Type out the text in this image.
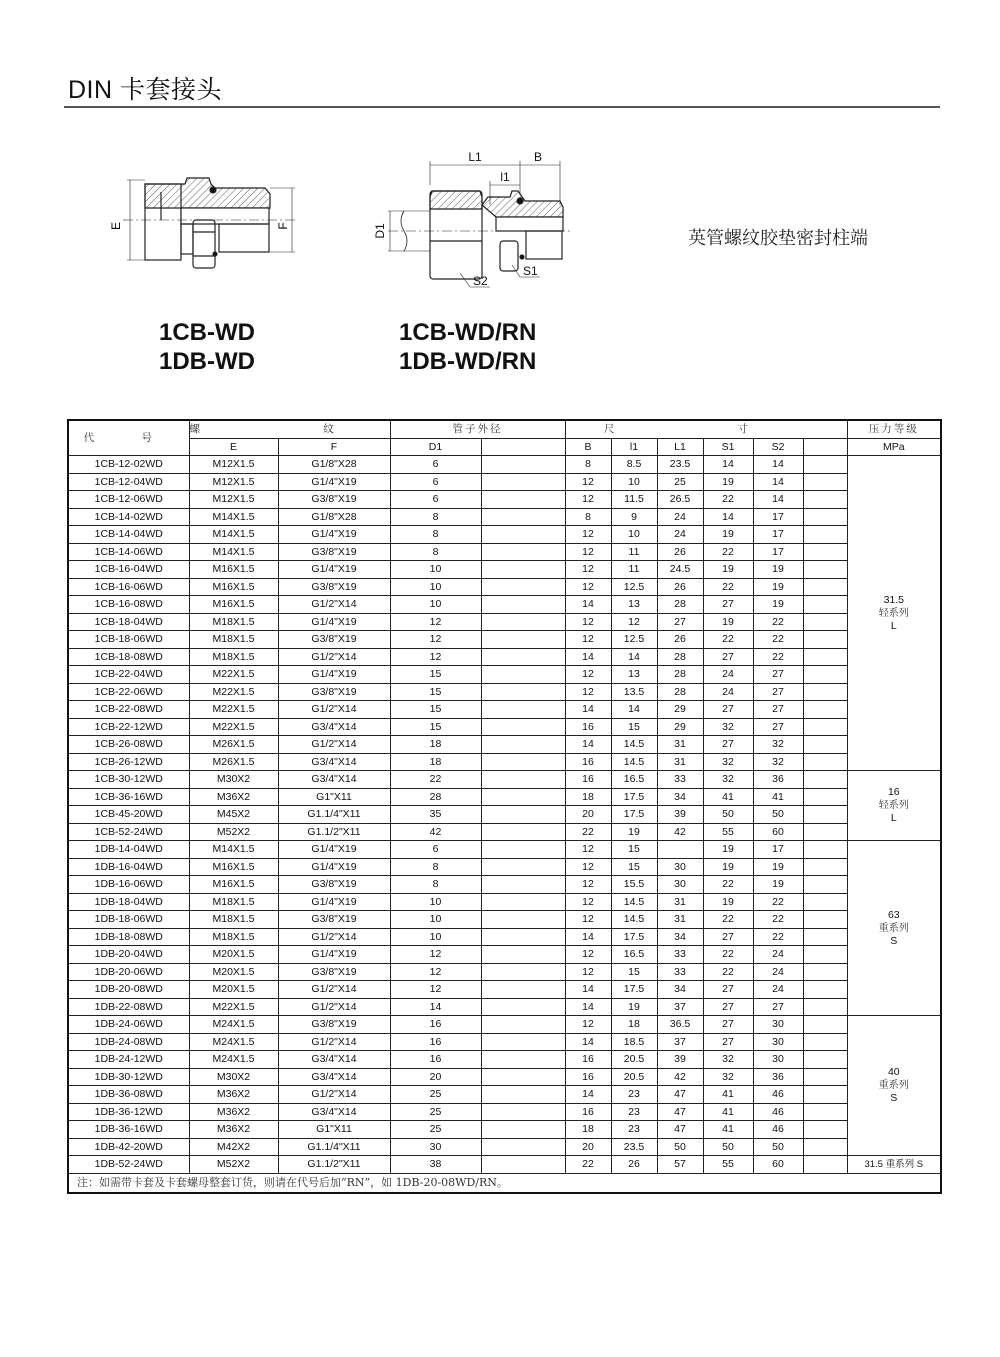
DIN 卡套接头
E	F
L1	B
l1
D1
S2
S1
英管螺纹胶垫密封柱端
1CB-WD
1DB-WD
1CB-WD/RN
1DB-WD/RN
代 号	螺 纹		管子外径		尺 寸						压力等级
	E	F	D1		B	l1	L1	S1	S2		MPa
1CB-12-02WD	M12X1.5	G1/8"X28	6		8	8.5	23.5	14	14		31.5
轻系列
L

1CB-12-04WD	M12X1.5	G1/4"X19	6		12	10	25	19	14		
1CB-12-06WD	M12X1.5	G3/8"X19	6		12	11.5	26.5	22	14		
1CB-14-02WD	M14X1.5	G1/8"X28	8		8	9	24	14	17		
1CB-14-04WD	M14X1.5	G1/4"X19	8		12	10	24	19	17		
1CB-14-06WD	M14X1.5	G3/8"X19	8		12	11	26	22	17		
1CB-16-04WD	M16X1.5	G1/4"X19	10		12	11	24.5	19	19		
1CB-16-06WD	M16X1.5	G3/8"X19	10		12	12.5	26	22	19		
1CB-16-08WD	M16X1.5	G1/2"X14	10		14	13	28	27	19		
1CB-18-04WD	M18X1.5	G1/4"X19	12		12	12	27	19	22		
1CB-18-06WD	M18X1.5	G3/8"X19	12		12	12.5	26	22	22		
1CB-18-08WD	M18X1.5	G1/2"X14	12		14	14	28	27	22		
1CB-22-04WD	M22X1.5	G1/4"X19	15		12	13	28	24	27		
1CB-22-06WD	M22X1.5	G3/8"X19	15		12	13.5	28	24	27		
1CB-22-08WD	M22X1.5	G1/2"X14	15		14	14	29	27	27		
1CB-22-12WD	M22X1.5	G3/4"X14	15		16	15	29	32	27		
1CB-26-08WD	M26X1.5	G1/2"X14	18		14	14.5	31	27	32		
1CB-26-12WD	M26X1.5	G3/4"X14	18		16	14.5	31	32	32		
1CB-30-12WD	M30X2	G3/4"X14	22		16	16.5	33	32	36		16
轻系列
L

1CB-36-16WD	M36X2	G1"X11	28		18	17.5	34	41	41		
1CB-45-20WD	M45X2	G1.1/4"X11	35		20	17.5	39	50	50		
1CB-52-24WD	M52X2	G1.1/2"X11	42		22	19	42	55	60		
1DB-14-04WD	M14X1.5	G1/4"X19	6		12	15		19	17		63
重系列
S

1DB-16-04WD	M16X1.5	G1/4"X19	8		12	15	30	19	19		
1DB-16-06WD	M16X1.5	G3/8"X19	8		12	15.5	30	22	19		
1DB-18-04WD	M18X1.5	G1/4"X19	10		12	14.5	31	19	22		
1DB-18-06WD	M18X1.5	G3/8"X19	10		12	14.5	31	22	22		
1DB-18-08WD	M18X1.5	G1/2"X14	10		14	17.5	34	27	22		
1DB-20-04WD	M20X1.5	G1/4"X19	12		12	16.5	33	22	24		
1DB-20-06WD	M20X1.5	G3/8"X19	12		12	15	33	22	24		
1DB-20-08WD	M20X1.5	G1/2"X14	12		14	17.5	34	27	24		
1DB-22-08WD	M22X1.5	G1/2"X14	14		14	19	37	27	27		
1DB-24-06WD	M24X1.5	G3/8"X19	16		12	18	36.5	27	30		40
重系列
S

1DB-24-08WD	M24X1.5	G1/2"X14	16		14	18.5	37	27	30		
1DB-24-12WD	M24X1.5	G3/4"X14	16		16	20.5	39	32	30		
1DB-30-12WD	M30X2	G3/4"X14	20		16	20.5	42	32	36		
1DB-36-08WD	M36X2	G1/2"X14	25		14	23	47	41	46		
1DB-36-12WD	M36X2	G3/4"X14	25		16	23	47	41	46		
1DB-36-16WD	M36X2	G1"X11	25		18	23	47	41	46		
1DB-42-20WD	M42X2	G1.1/4"X11	30		20	23.5	50	50	50		
1DB-52-24WD	M52X2	G1.1/2"X11	38		22	26	57	55	60		31.5 重系列 S
注：如需带卡套及卡套螺母整套订货，则请在代号后加“RN”，如 1DB-20-08WD/RN。											
